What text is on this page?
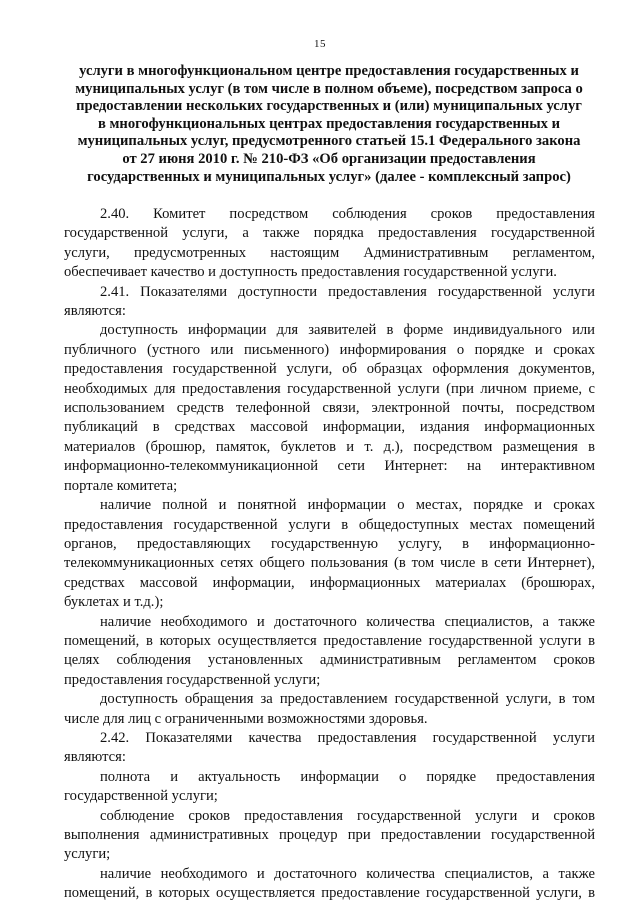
15
услуги в многофункциональном центре предоставления государственных и
муниципальных услуг (в том числе в полном объеме), посредством запроса о
предоставлении нескольких государственных и (или) муниципальных услуг
в многофункциональных центрах предоставления государственных и
муниципальных услуг, предусмотренного статьей 15.1 Федерального закона
от 27 июня 2010 г. № 210-ФЗ «Об организации предоставления
государственных и муниципальных услуг» (далее - комплексный запрос)

2.40. Комитет посредством соблюдения сроков предоставления
государственной услуги, а также порядка предоставления государственной
услуги, предусмотренных настоящим Административным регламентом,
обеспечивает качество и доступность предоставления государственной услуги.

2.41. Показателями доступности предоставления государственной услуги
являются:

доступность информации для заявителей в форме индивидуального или
публичного (устного или письменного) информирования о порядке и сроках
предоставления государственной услуги, об образцах оформления документов,
необходимых для предоставления государственной услуги (при личном приеме, с
использованием средств телефонной связи, электронной почты, посредством
публикаций в средствах массовой информации, издания информационных
материалов (брошюр, памяток, буклетов и т. д.), посредством размещения в
информационно-телекоммуникационной сети Интернет: на интерактивном
портале комитета;

наличие полной и понятной информации о местах, порядке и сроках
предоставления государственной услуги в общедоступных местах помещений
органов, предоставляющих государственную услугу, в информационно-
телекоммуникационных сетях общего пользования (в том числе в сети Интернет),
средствах массовой информации, информационных материалах (брошюрах,
буклетах и т.д.);

наличие необходимого и достаточного количества специалистов, а также
помещений, в которых осуществляется предоставление государственной услуги в
целях соблюдения установленных административным регламентом сроков
предоставления государственной услуги;

доступность обращения за предоставлением государственной услуги, в том
числе для лиц с ограниченными возможностями здоровья.

2.42. Показателями качества предоставления государственной услуги
являются:

полнота и актуальность информации о порядке предоставления
государственной услуги;

соблюдение сроков предоставления государственной услуги и сроков
выполнения административных процедур при предоставлении государственной
услуги;

наличие необходимого и достаточного количества специалистов, а также
помещений, в которых осуществляется предоставление государственной услуги, в
